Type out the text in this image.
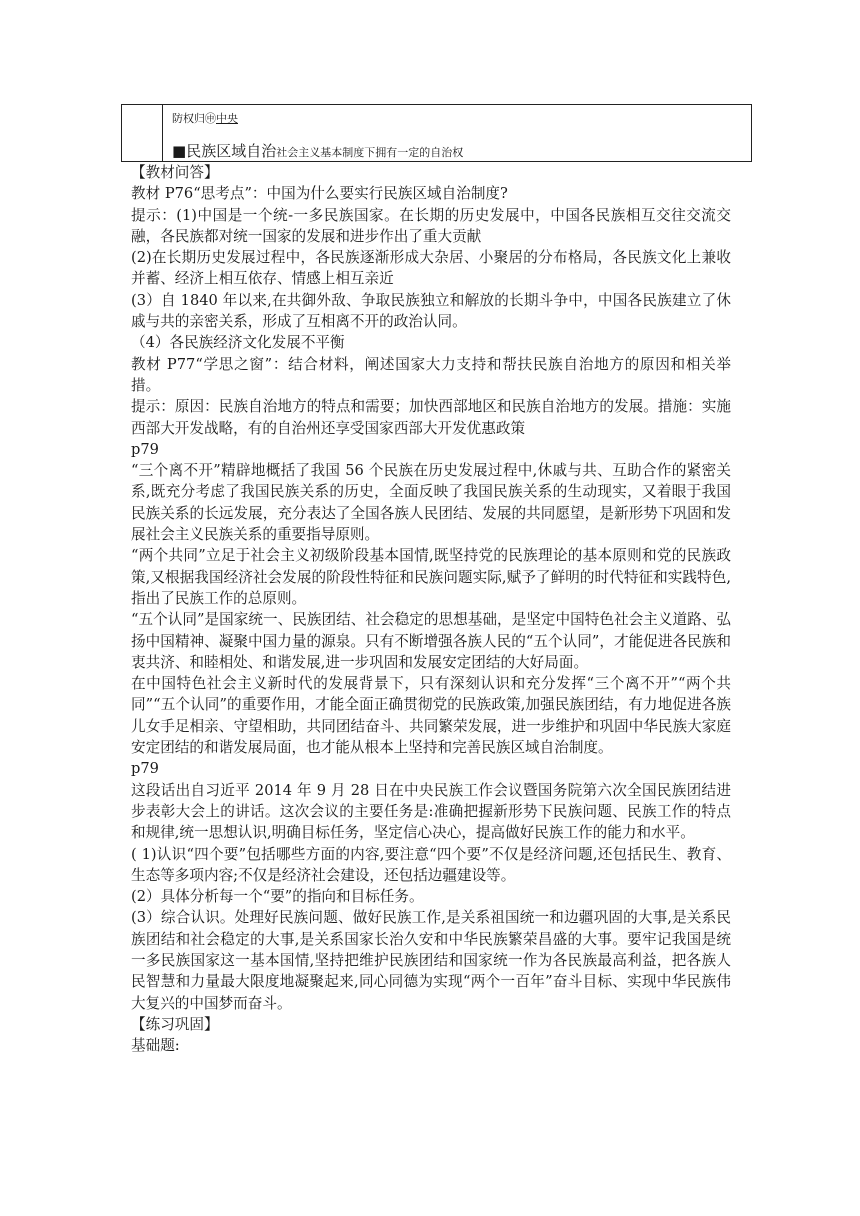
防权归㊥中央
■民族区域自治社会主义基本制度下拥有一定的自治权

【教材问答】

教材 P76“思考点”：中国为什么要实行民族区域自治制度?

提示：(1)中国是一个统-一多民族国家。在长期的历史发展中，中国各民族相互交往交流交融，各民族都对统一国家的发展和进步作出了重大贡献

(2)在长期历史发展过程中，各民族逐渐形成大杂居、小聚居的分布格局，各民族文化上兼收并蓄、经济上相互依存、情感上相互亲近

(3）自 1840 年以来,在共御外敌、争取民族独立和解放的长期斗争中，中国各民族建立了休戚与共的亲密关系，形成了互相离不开的政治认同。

（4）各民族经济文化发展不平衡

教材 P77“学思之窗”：结合材料，阐述国家大力支持和帮扶民族自治地方的原因和相关举措。

提示：原因：民族自治地方的特点和需要；加快西部地区和民族自治地方的发展。措施：实施西部大开发战略，有的自治州还享受国家西部大开发优惠政策

p79

“三个离不开”精辟地概括了我国 56 个民族在历史发展过程中,休戚与共、互助合作的紧密关系,既充分考虑了我国民族关系的历史，全面反映了我国民族关系的生动现实，又着眼于我国民族关系的长远发展，充分表达了全国各族人民团结、发展的共同愿望，是新形势下巩固和发展社会主义民族关系的重要指导原则。

“两个共同”立足于社会主义初级阶段基本国情,既坚持党的民族理论的基本原则和党的民族政策,又根据我国经济社会发展的阶段性特征和民族问题实际,赋予了鲜明的时代特征和实践特色,指出了民族工作的总原则。

“五个认同”是国家统一、民族团结、社会稳定的思想基础，是坚定中国特色社会主义道路、弘扬中国精神、凝聚中国力量的源泉。只有不断增强各族人民的“五个认同”，才能促进各民族和衷共济、和睦相处、和谐发展,进一步巩固和发展安定团结的大好局面。

在中国特色社会主义新时代的发展背景下，只有深刻认识和充分发挥“三个离不开”“两个共同”“五个认同”的重要作用，才能全面正确贯彻党的民族政策,加强民族团结，有力地促进各族儿女手足相亲、守望相助，共同团结奋斗、共同繁荣发展，进一步维护和巩固中华民族大家庭安定团结的和谐发展局面，也才能从根本上坚持和完善民族区域自治制度。

p79

这段话出自习近平 2014 年 9 月 28 日在中央民族工作会议暨国务院第六次全国民族团结进步表彰大会上的讲话。这次会议的主要任务是:准确把握新形势下民族问题、民族工作的特点和规律,统一思想认识,明确目标任务，坚定信心决心，提高做好民族工作的能力和水平。

( 1)认识“四个要”包括哪些方面的内容,要注意“四个要”不仅是经济问题,还包括民生、教育、生态等多项内容;不仅是经济社会建设，还包括边疆建设等。

(2）具体分析每一个“要”的指向和目标任务。

(3）综合认识。处理好民族问题、做好民族工作,是关系祖国统一和边疆巩固的大事,是关系民族团结和社会稳定的大事,是关系国家长治久安和中华民族繁荣昌盛的大事。要牢记我国是统一多民族国家这一基本国情,坚持把维护民族团结和国家统一作为各民族最高利益，把各族人民智慧和力量最大限度地凝聚起来,同心同德为实现“两个一百年”奋斗目标、实现中华民族伟大复兴的中国梦而奋斗。

【练习巩固】

基础题:
